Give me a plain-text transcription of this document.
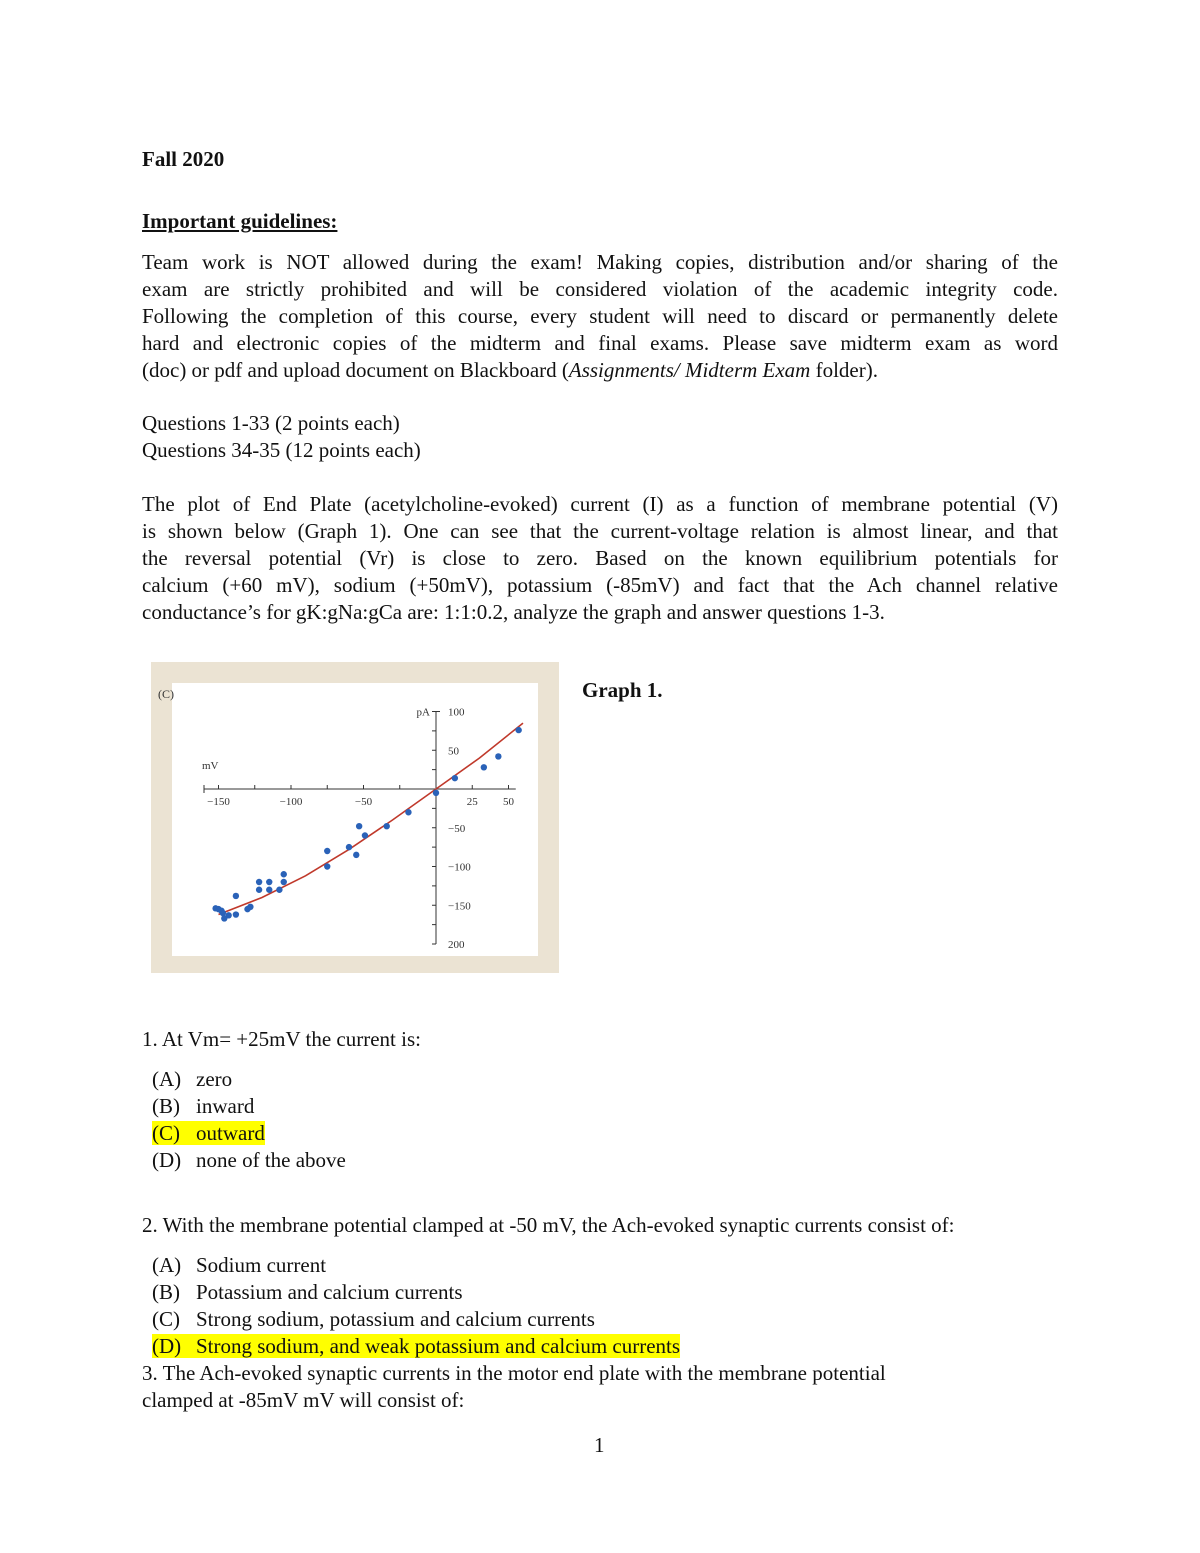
Fall 2020
Important guidelines:
Team work is NOT allowed during the exam! Making copies, distribution and/or sharing of the
exam are strictly prohibited and will be considered violation of the academic integrity code.
Following the completion of this course, every student will need to discard or permanently delete
hard and electronic copies of the midterm and final exams. Please save midterm exam as word
(doc) or pdf and upload document on Blackboard (Assignments/ Midterm Exam folder).
Questions 1-33 (2 points each)
Questions 34-35 (12 points each)
The plot of End Plate (acetylcholine-evoked) current (I) as a function of membrane potential (V)
is shown below (Graph 1). One can see that the current-voltage relation is almost linear, and that
the reversal potential (Vr) is close to zero. Based on the known equilibrium potentials for
calcium (+60 mV), sodium (+50mV), potassium (-85mV) and fact that the Ach channel relative
conductance’s for gK:gNa:gCa are: 1:1:0.2, analyze the graph and answer questions 1-3.
(C)
−150	−100	−50	25 50
100
50
−50
−100
−150
200
mV
pA
Graph 1.
1. At Vm= +25mV the current is:
(A) zero
(B) inward
(C) outward
(D) none of the above
2. With the membrane potential clamped at -50 mV, the Ach-evoked synaptic currents consist of:
(A) Sodium current
(B) Potassium and calcium currents
(C) Strong sodium, potassium and calcium currents
(D) Strong sodium, and weak potassium and calcium currents
3. The Ach-evoked synaptic currents in the motor end plate with the membrane potential
clamped at -85mV mV will consist of:
1
